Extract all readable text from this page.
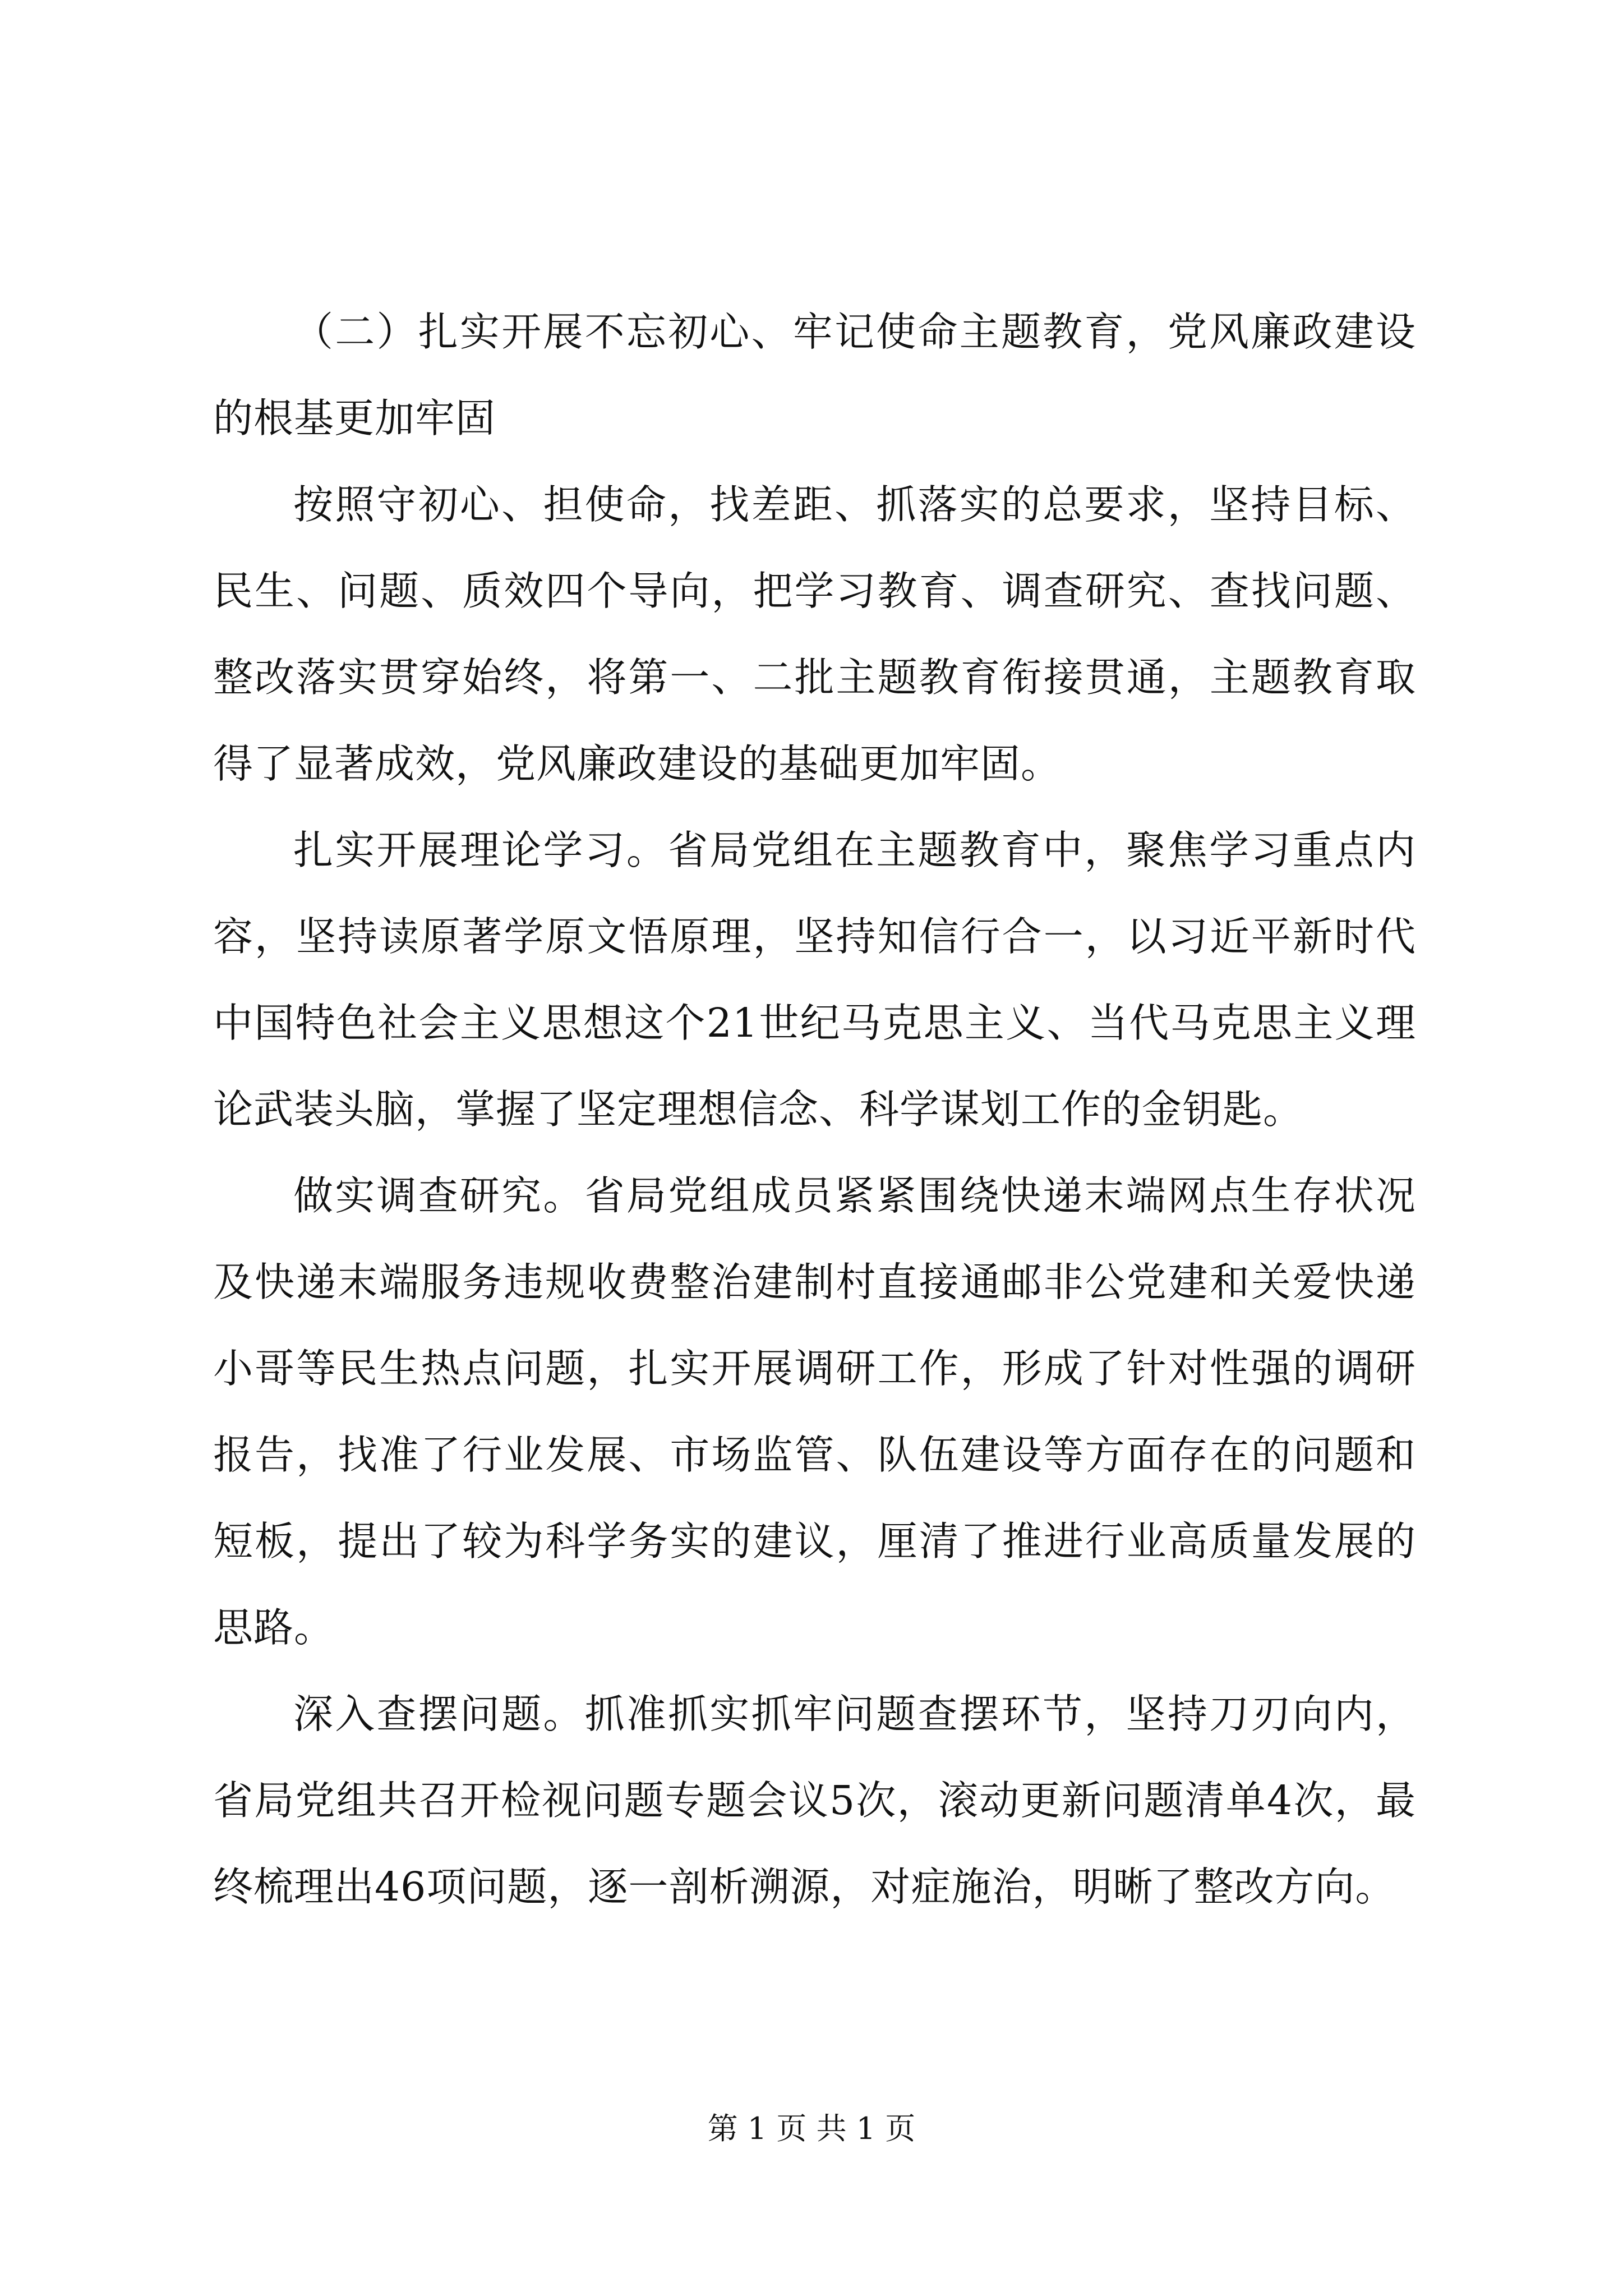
（二）扎实开展不忘初心、牢记使命主题教育，党风廉政建设的根基更加牢固

按照守初心、担使命，找差距、抓落实的总要求，坚持目标、民生、问题、质效四个导向，把学习教育、调查研究、查找问题、整改落实贯穿始终，将第一、二批主题教育衔接贯通，主题教育取得了显著成效，党风廉政建设的基础更加牢固。

扎实开展理论学习。省局党组在主题教育中，聚焦学习重点内容，坚持读原著学原文悟原理，坚持知信行合一，以习近平新时代中国特色社会主义思想这个21世纪马克思主义、当代马克思主义理论武装头脑，掌握了坚定理想信念、科学谋划工作的金钥匙。

做实调查研究。省局党组成员紧紧围绕快递末端网点生存状况及快递末端服务违规收费整治建制村直接通邮非公党建和关爱快递小哥等民生热点问题，扎实开展调研工作，形成了针对性强的调研报告，找准了行业发展、市场监管、队伍建设等方面存在的问题和短板，提出了较为科学务实的建议，厘清了推进行业高质量发展的思路。

深入查摆问题。抓准抓实抓牢问题查摆环节，坚持刀刃向内，省局党组共召开检视问题专题会议5次，滚动更新问题清单4次，最终梳理出46项问题，逐一剖析溯源，对症施治，明晰了整改方向。

第 1 页 共 1 页
